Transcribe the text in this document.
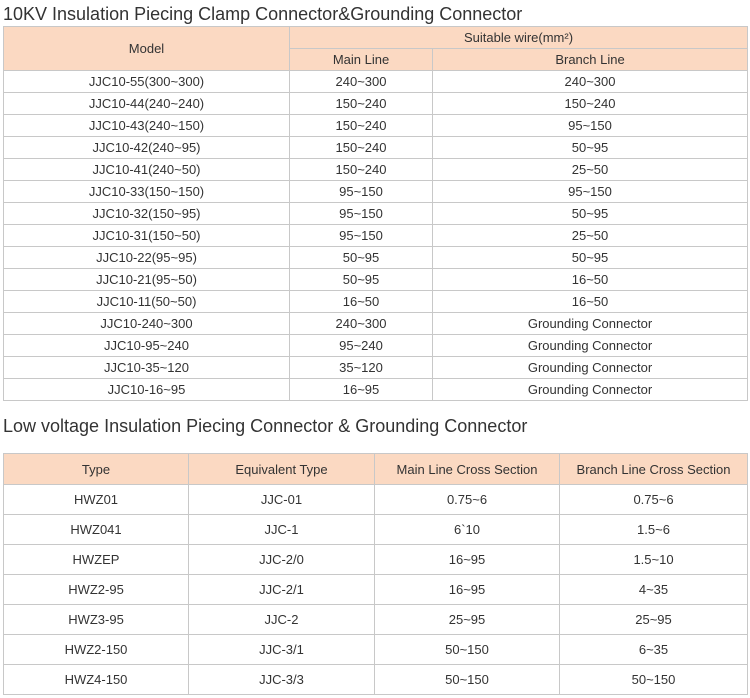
10KV Insulation Piecing Clamp Connector&Grounding Connector
Model	Suitable wire(mm²)	
	Main Line	Branch Line
JJC10-55(300~300)	240~300	240~300
JJC10-44(240~240)	150~240	150~240
JJC10-43(240~150)	150~240	95~150
JJC10-42(240~95)	150~240	50~95
JJC10-41(240~50)	150~240	25~50
JJC10-33(150~150)	95~150	95~150
JJC10-32(150~95)	95~150	50~95
JJC10-31(150~50)	95~150	25~50
JJC10-22(95~95)	50~95	50~95
JJC10-21(95~50)	50~95	16~50
JJC10-11(50~50)	16~50	16~50
JJC10-240~300	240~300	Grounding Connector
JJC10-95~240	95~240	Grounding Connector
JJC10-35~120	35~120	Grounding Connector
JJC10-16~95	16~95	Grounding Connector
Low voltage Insulation Piecing Connector & Grounding Connector
Type	Equivalent Type	Main Line Cross Section	Branch Line Cross Section
HWZ01	JJC-01	0.75~6	0.75~6
HWZ041	JJC-1	6`10	1.5~6
HWZEP	JJC-2/0	16~95	1.5~10
HWZ2-95	JJC-2/1	16~95	4~35
HWZ3-95	JJC-2	25~95	25~95
HWZ2-150	JJC-3/1	50~150	6~35
HWZ4-150	JJC-3/3	50~150	50~150
